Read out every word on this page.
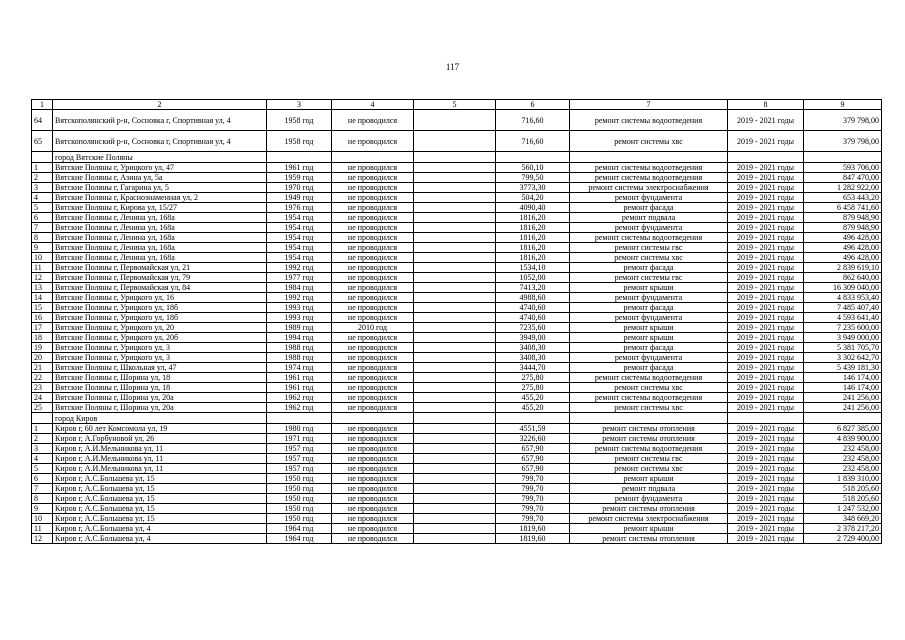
117
1	2	3	4	5	6	7	8	9
64	Вятскополянский р-н, Сосновка г, Спортивная ул, 4	1958 год	не проводился		716,60	ремонт системы водоотведения	2019 - 2021 годы	379 798,00
65	Вятскополянский р-н, Сосновка г, Спортивная ул, 4	1958 год	не проводился		716,60	ремонт системы хвс	2019 - 2021 годы	379 798,00
	город Вятские Поляны							
1	Вятские Поляны г, Урицкого ул, 47	1961 год	не проводился		560,10	ремонт системы водоотведения	2019 - 2021 годы	593 706,00
2	Вятские Поляны г, Азина ул, 5а	1959 год	не проводился		799,50	ремонт системы водоотведения	2019 - 2021 годы	847 470,00
3	Вятские Поляны г, Гагарина ул, 5	1970 год	не проводился		3773,30	ремонт системы электроснабжения	2019 - 2021 годы	1 282 922,00
4	Вятские Поляны г, Краснознаменная ул, 2	1949 год	не проводился		504,20	ремонт фундамента	2019 - 2021 годы	653 443,20
5	Вятские Поляны г, Кирова ул, 15/27	1976 год	не проводился		4090,40	ремонт фасада	2019 - 2021 годы	6 458 741,60
6	Вятские Поляны г, Ленина ул, 168а	1954 год	не проводился		1816,20	ремонт подвала	2019 - 2021 годы	879 948,90
7	Вятские Поляны г, Ленина ул, 168а	1954 год	не проводился		1816,20	ремонт фундамента	2019 - 2021 годы	879 948,90
8	Вятские Поляны г, Ленина ул, 168а	1954 год	не проводился		1816,20	ремонт системы водоотведения	2019 - 2021 годы	496 428,00
9	Вятские Поляны г, Ленина ул, 168а	1954 год	не проводился		1816,20	ремонт системы гвс	2019 - 2021 годы	496 428,00
10	Вятские Поляны г, Ленина ул, 168а	1954 год	не проводился		1816,20	ремонт системы хвс	2019 - 2021 годы	496 428,00
11	Вятские Поляны г, Первомайская ул, 21	1992 год	не проводился		1534,10	ремонт фасада	2019 - 2021 годы	2 839 619,10
12	Вятские Поляны г, Первомайская ул, 79	1977 год	не проводился		1052,00	ремонт системы гвс	2019 - 2021 годы	862 640,00
13	Вятские Поляны г, Первомайская ул, 84	1984 год	не проводился		7413,20	ремонт крыши	2019 - 2021 годы	16 309 040,00
14	Вятские Поляны г, Урицкого ул, 16	1992 год	не проводился		4988,60	ремонт фундамента	2019 - 2021 годы	4 833 953,40
15	Вятские Поляны г, Урицкого ул, 18б	1993 год	не проводился		4740,60	ремонт фасада	2019 - 2021 годы	7 485 407,40
16	Вятские Поляны г, Урицкого ул, 18б	1993 год	не проводился		4740,60	ремонт фундамента	2019 - 2021 годы	4 593 641,40
17	Вятские Поляны г, Урицкого ул, 20	1989 год	2010 год		7235,60	ремонт крыши	2019 - 2021 годы	7 235 600,00
18	Вятские Поляны г, Урицкого ул, 20б	1994 год	не проводился		3949,00	ремонт крыши	2019 - 2021 годы	3 949 000,00
19	Вятские Поляны г, Урицкого ул, 3	1988 год	не проводился		3408,30	ремонт фасада	2019 - 2021 годы	5 381 705,70
20	Вятские Поляны г, Урицкого ул, 3	1988 год	не проводился		3408,30	ремонт фундамента	2019 - 2021 годы	3 302 642,70
21	Вятские Поляны г, Школьная ул, 47	1974 год	не проводился		3444,70	ремонт фасада	2019 - 2021 годы	5 439 181,30
22	Вятские Поляны г, Шорина ул, 18	1961 год	не проводился		275,80	ремонт системы водоотведения	2019 - 2021 годы	146 174,00
23	Вятские Поляны г, Шорина ул, 18	1961 год	не проводился		275,80	ремонт системы хвс	2019 - 2021 годы	146 174,00
24	Вятские Поляны г, Шорина ул, 20а	1962 год	не проводился		455,20	ремонт системы водоотведения	2019 - 2021 годы	241 256,00
25	Вятские Поляны г, Шорина ул, 20а	1962 год	не проводился		455,20	ремонт системы хвс	2019 - 2021 годы	241 256,00
	город Киров							
1	Киров г, 60 лет Комсомола ул, 19	1980 год	не проводился		4551,59	ремонт системы отопления	2019 - 2021 годы	6 827 385,00
2	Киров г, А.Горбуновой ул, 26	1971 год	не проводился		3226,60	ремонт системы отопления	2019 - 2021 годы	4 839 900,00
3	Киров г, А.И.Мельникова ул, 11	1957 год	не проводился		657,90	ремонт системы водоотведения	2019 - 2021 годы	232 458,00
4	Киров г, А.И.Мельникова ул, 11	1957 год	не проводился		657,90	ремонт системы гвс	2019 - 2021 годы	232 458,00
5	Киров г, А.И.Мельникова ул, 11	1957 год	не проводился		657,90	ремонт системы хвс	2019 - 2021 годы	232 458,00
6	Киров г, А.С.Большева ул, 15	1950 год	не проводился		799,70	ремонт крыши	2019 - 2021 годы	1 839 310,00
7	Киров г, А.С.Большева ул, 15	1950 год	не проводился		799,70	ремонт подвала	2019 - 2021 годы	518 205,60
8	Киров г, А.С.Большева ул, 15	1950 год	не проводился		799,70	ремонт фундамента	2019 - 2021 годы	518 205,60
9	Киров г, А.С.Большева ул, 15	1950 год	не проводился		799,70	ремонт системы отопления	2019 - 2021 годы	1 247 532,00
10	Киров г, А.С.Большева ул, 15	1950 год	не проводился		799,70	ремонт системы электроснабжения	2019 - 2021 годы	348 669,20
11	Киров г, А.С.Большева ул, 4	1964 год	не проводился		1819,60	ремонт крыши	2019 - 2021 годы	2 378 217,20
12	Киров г, А.С.Большева ул, 4	1964 год	не проводился		1819,60	ремонт системы отопления	2019 - 2021 годы	2 729 400,00
